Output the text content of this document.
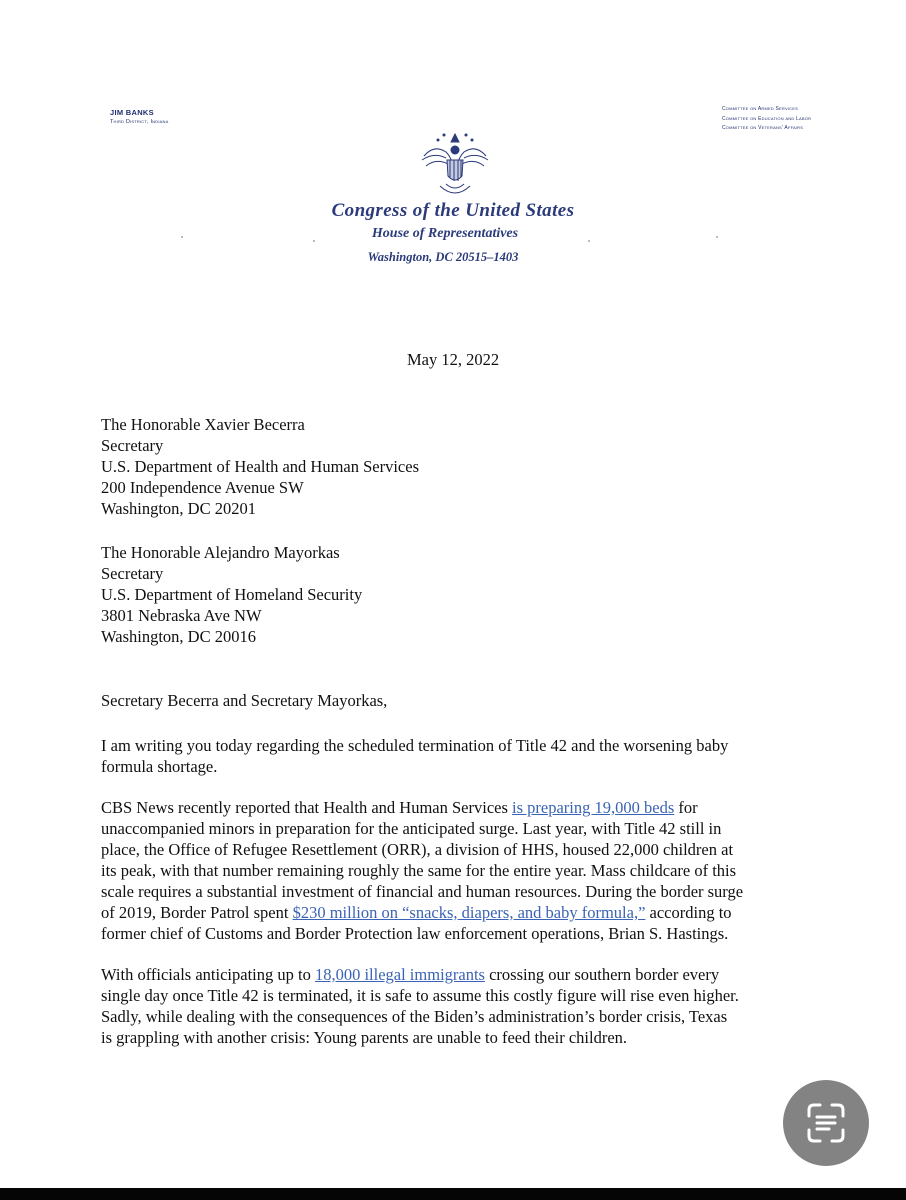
JIM BANKS
Third District, Indiana
Committee on Armed Services
Committee on Education and Labor
Committee on Veterans' Affairs
Congress of the United States
House of Representatives
Washington, DC 20515–1403
May 12, 2022
The Honorable Xavier Becerra
Secretary
U.S. Department of Health and Human Services
200 Independence Avenue SW
Washington, DC 20201
The Honorable Alejandro Mayorkas
Secretary
U.S. Department of Homeland Security
3801 Nebraska Ave NW
Washington, DC 20016
Secretary Becerra and Secretary Mayorkas,
I am writing you today regarding the scheduled termination of Title 42 and the worsening baby
formula shortage.
CBS News recently reported that Health and Human Services is preparing 19,000 beds for
unaccompanied minors in preparation for the anticipated surge. Last year, with Title 42 still in
place, the Office of Refugee Resettlement (ORR), a division of HHS, housed 22,000 children at
its peak, with that number remaining roughly the same for the entire year. Mass childcare of this
scale requires a substantial investment of financial and human resources. During the border surge
of 2019, Border Patrol spent $230 million on “snacks, diapers, and baby formula,” according to
former chief of Customs and Border Protection law enforcement operations, Brian S. Hastings.
With officials anticipating up to 18,000 illegal immigrants crossing our southern border every
single day once Title 42 is terminated, it is safe to assume this costly figure will rise even higher.
Sadly, while dealing with the consequences of the Biden’s administration’s border crisis, Texas
is grappling with another crisis: Young parents are unable to feed their children.
